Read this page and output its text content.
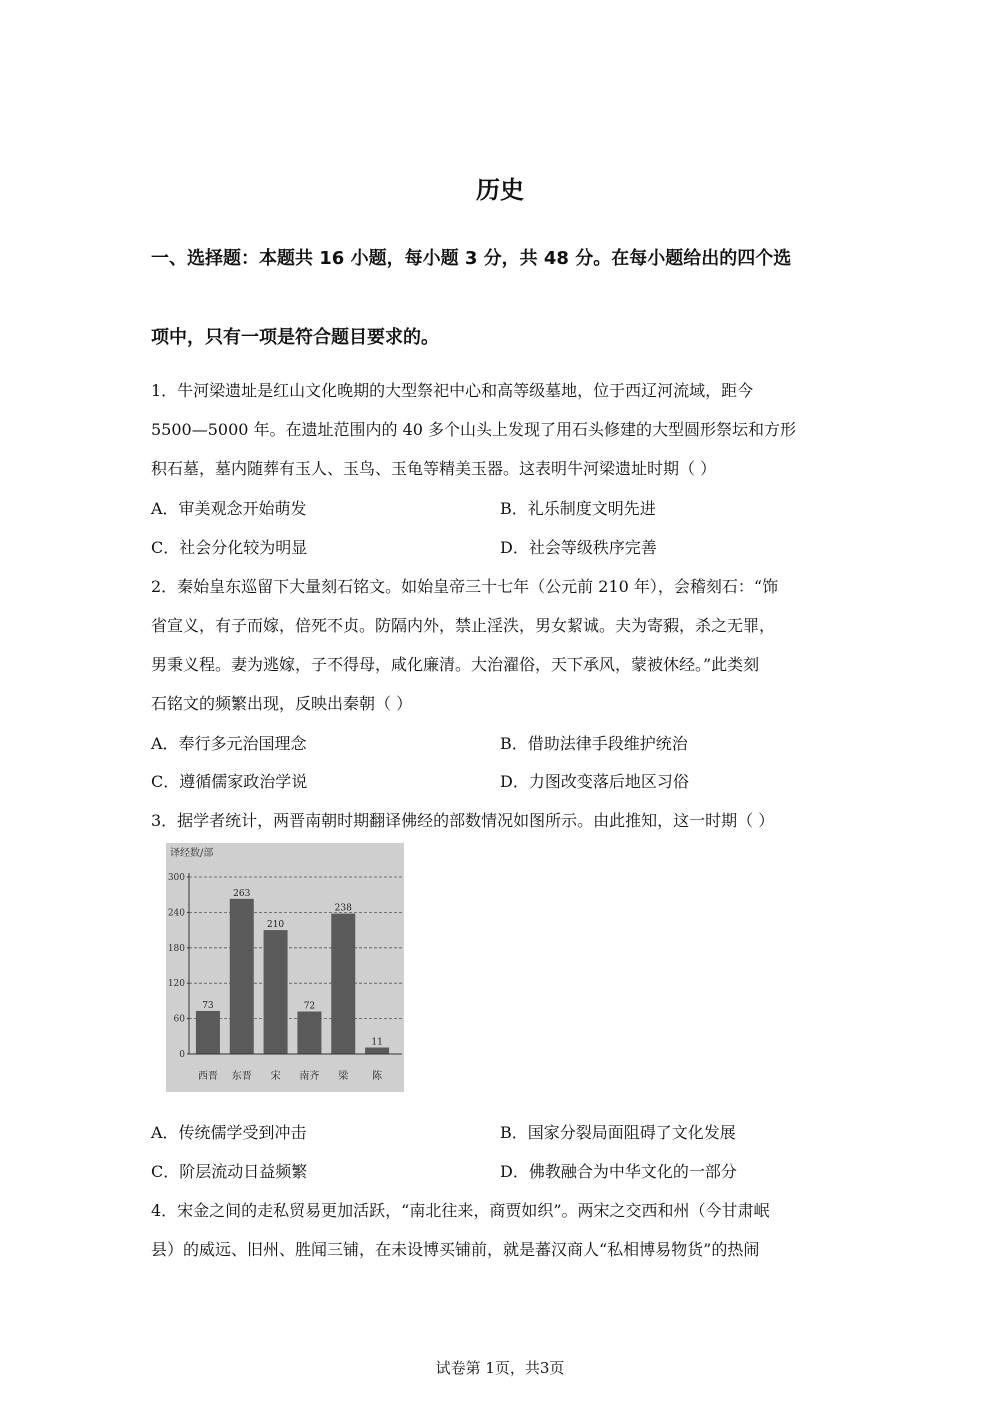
历史
一、选择题：本题共 16 小题，每小题 3 分，共 48 分。在每小题给出的四个选
项中，只有一项是符合题目要求的。
1．牛河梁遗址是红山文化晚期的大型祭祀中心和高等级墓地，位于西辽河流域，距今
5500—5000 年。在遗址范围内的 40 多个山头上发现了用石头修建的大型圆形祭坛和方形
积石墓，墓内随葬有玉人、玉鸟、玉龟等精美玉器。这表明牛河梁遗址时期（ ）
A．审美观念开始萌发	B．礼乐制度文明先进
C．社会分化较为明显	D．社会等级秩序完善
2．秦始皇东巡留下大量刻石铭文。如始皇帝三十七年（公元前 210 年），会稽刻石：“饰
省宣义，有子而嫁，倍死不贞。防隔内外，禁止淫泆，男女絜诚。夫为寄豭，杀之无罪，
男秉义程。妻为逃嫁，子不得母，咸化廉清。大治濯俗，天下承风，蒙被休经。”此类刻
石铭文的频繁出现，反映出秦朝（ ）
A．奉行多元治国理念	B．借助法律手段维护统治
C．遵循儒家政治学说	D．力图改变落后地区习俗
3．据学者统计，两晋南朝时期翻译佛经的部数情况如图所示。由此推知，这一时期（ ）
译经数/部
73
263
210
72
238
11
0
60
120
180
240
300
西晋 东晋 宋 南齐 梁 陈
A．传统儒学受到冲击	B．国家分裂局面阻碍了文化发展
C．阶层流动日益频繁	D．佛教融合为中华文化的一部分
4．宋金之间的走私贸易更加活跃，“南北往来，商贾如织”。两宋之交西和州（今甘肃岷
县）的威远、旧州、胜闻三铺，在未设博买铺前，就是蕃汉商人“私相博易物货”的热闹
试卷第 1页，共3页
